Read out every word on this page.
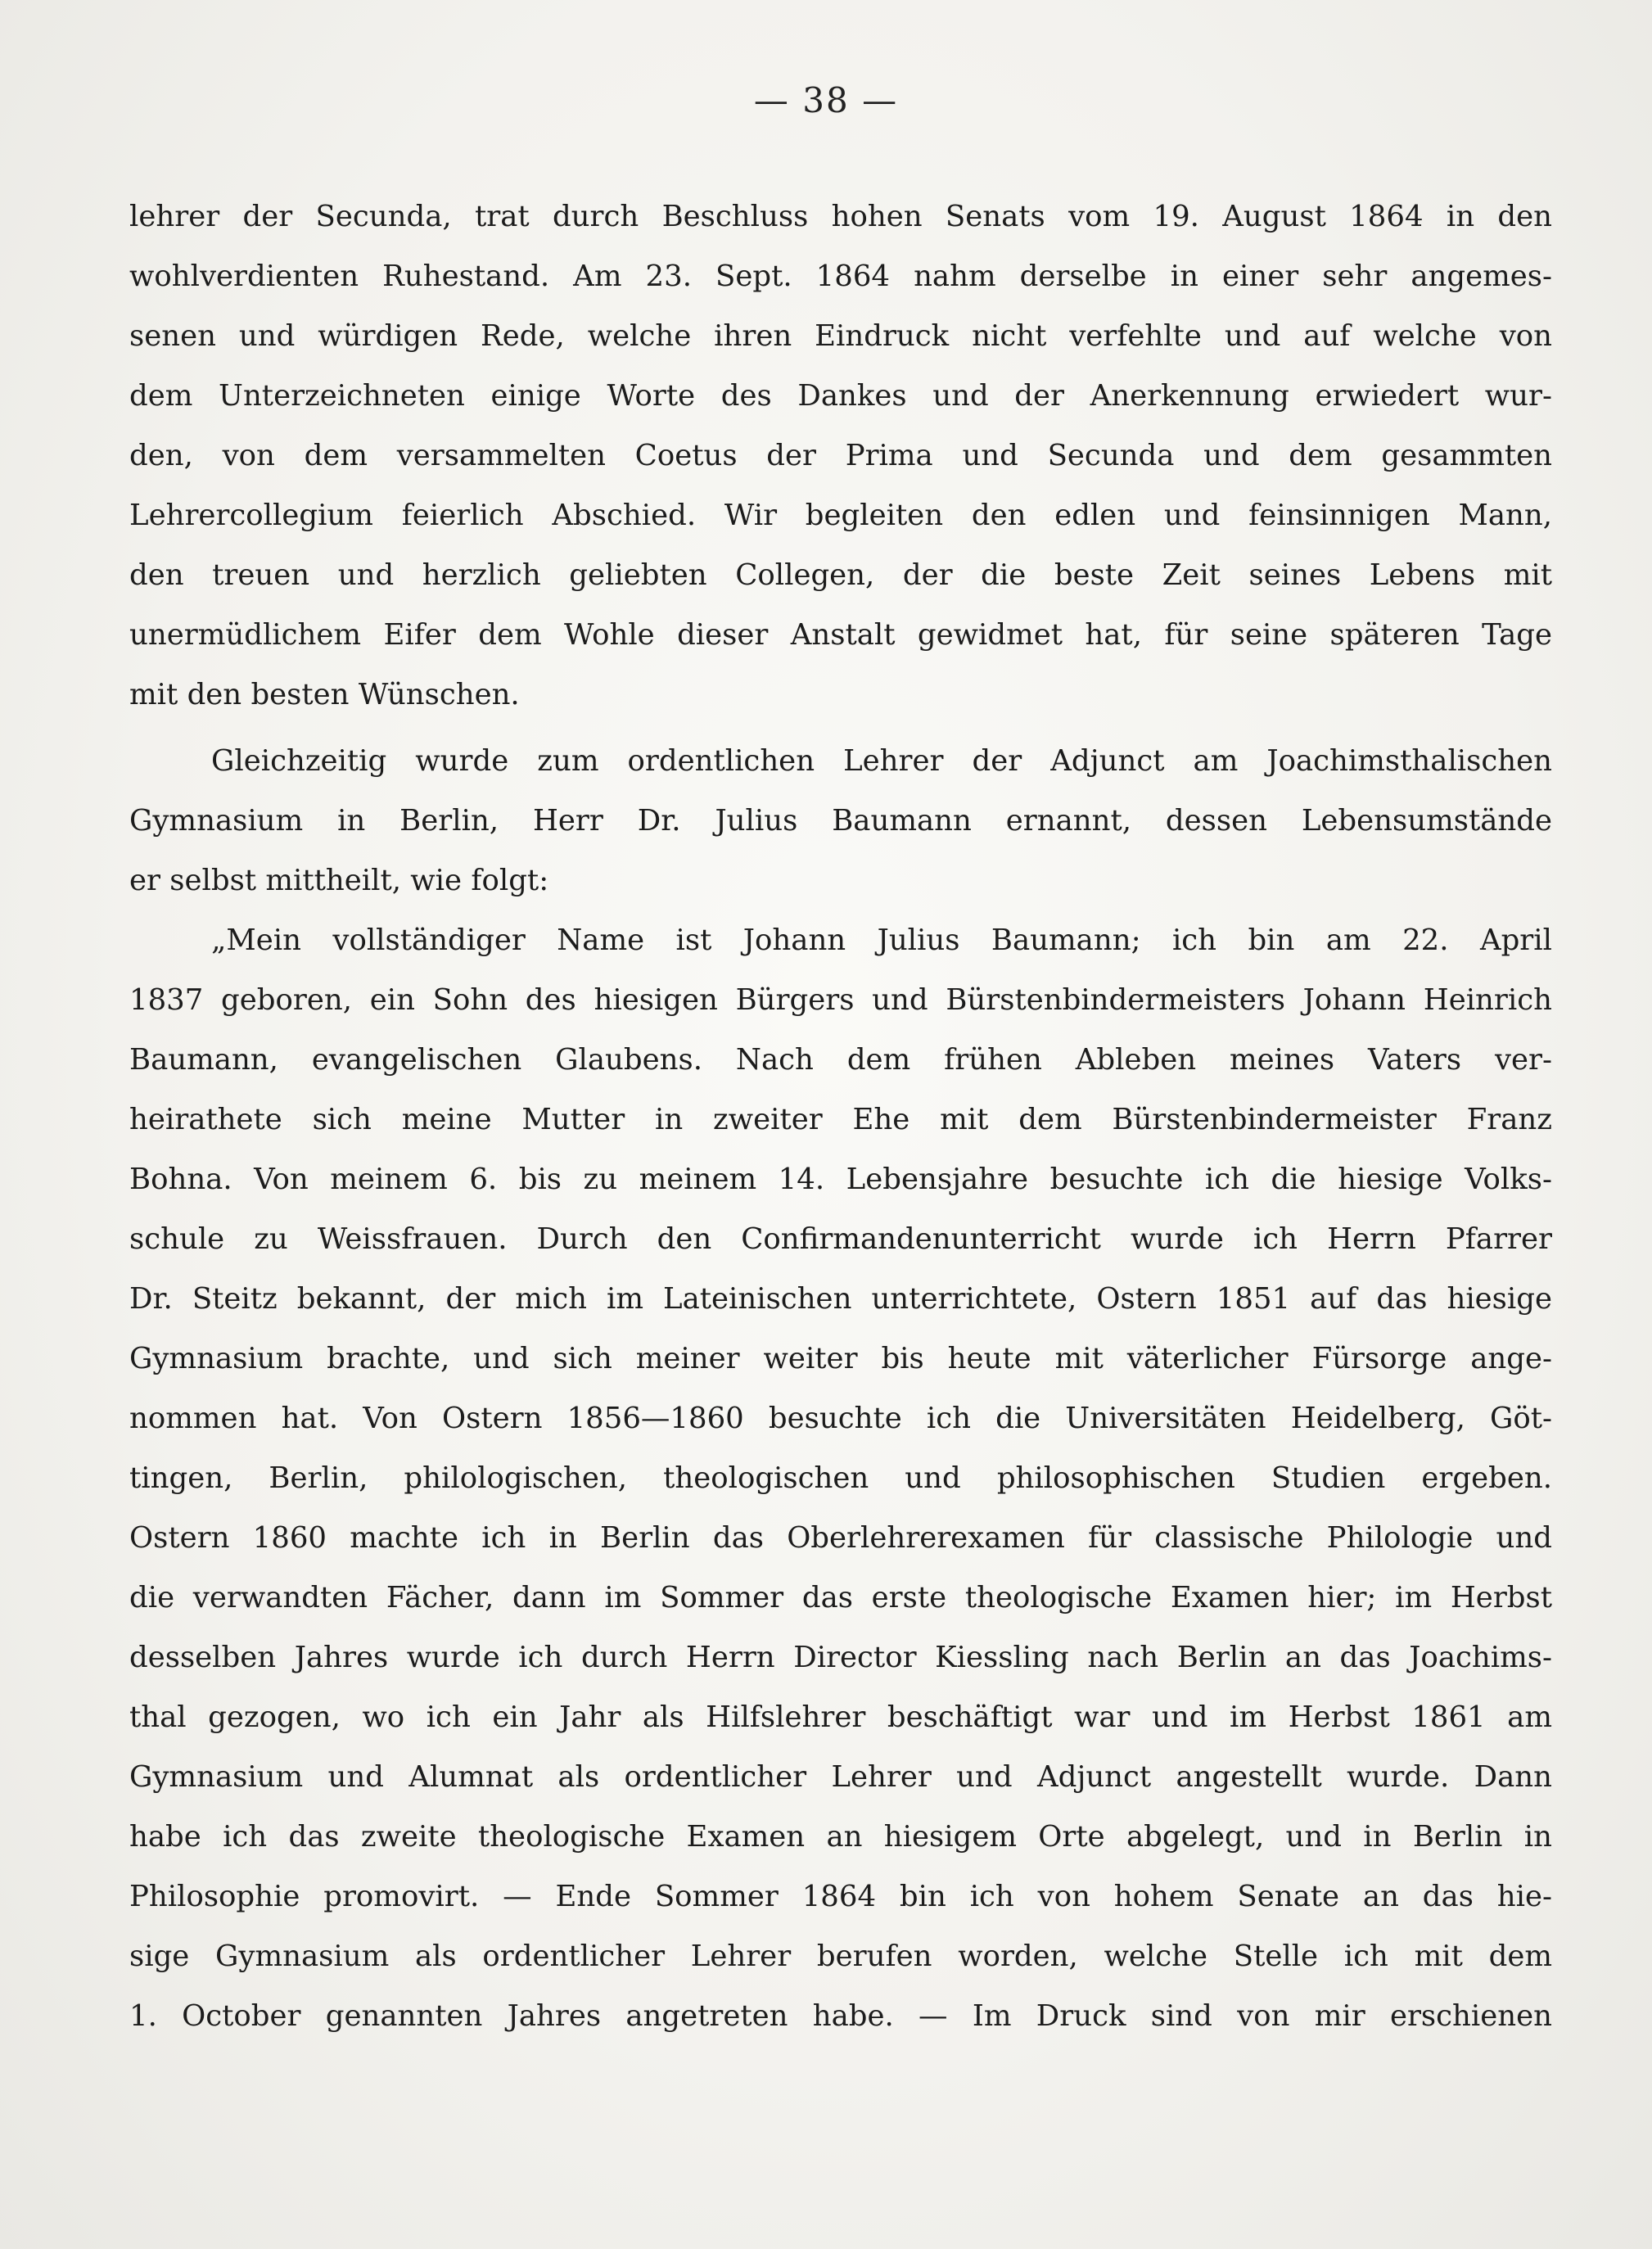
— 38 —
lehrer der Secunda, trat durch Beschluss hohen Senats vom 19. August 1864 in den
wohlverdienten Ruhestand. Am 23. Sept. 1864 nahm derselbe in einer sehr angemes-
senen und würdigen Rede, welche ihren Eindruck nicht verfehlte und auf welche von
dem Unterzeichneten einige Worte des Dankes und der Anerkennung erwiedert wur-
den, von dem versammelten Coetus der Prima und Secunda und dem gesammten
Lehrercollegium feierlich Abschied. Wir begleiten den edlen und feinsinnigen Mann,
den treuen und herzlich geliebten Collegen, der die beste Zeit seines Lebens mit
unermüdlichem Eifer dem Wohle dieser Anstalt gewidmet hat, für seine späteren Tage
mit den besten Wünschen.
Gleichzeitig wurde zum ordentlichen Lehrer der Adjunct am Joachimsthalischen
Gymnasium in Berlin, Herr Dr. Julius Baumann ernannt, dessen Lebensumstände
er selbst mittheilt, wie folgt:
„Mein vollständiger Name ist Johann Julius Baumann; ich bin am 22. April
1837 geboren, ein Sohn des hiesigen Bürgers und Bürstenbindermeisters Johann Heinrich
Baumann, evangelischen Glaubens. Nach dem frühen Ableben meines Vaters ver-
heirathete sich meine Mutter in zweiter Ehe mit dem Bürstenbindermeister Franz
Bohna. Von meinem 6. bis zu meinem 14. Lebensjahre besuchte ich die hiesige Volks-
schule zu Weissfrauen. Durch den Confirmandenunterricht wurde ich Herrn Pfarrer
Dr. Steitz bekannt, der mich im Lateinischen unterrichtete, Ostern 1851 auf das hiesige
Gymnasium brachte, und sich meiner weiter bis heute mit väterlicher Fürsorge ange-
nommen hat. Von Ostern 1856—1860 besuchte ich die Universitäten Heidelberg, Göt-
tingen, Berlin, philologischen, theologischen und philosophischen Studien ergeben.
Ostern 1860 machte ich in Berlin das Oberlehrerexamen für classische Philologie und
die verwandten Fächer, dann im Sommer das erste theologische Examen hier; im Herbst
desselben Jahres wurde ich durch Herrn Director Kiessling nach Berlin an das Joachims-
thal gezogen, wo ich ein Jahr als Hilfslehrer beschäftigt war und im Herbst 1861 am
Gymnasium und Alumnat als ordentlicher Lehrer und Adjunct angestellt wurde. Dann
habe ich das zweite theologische Examen an hiesigem Orte abgelegt, und in Berlin in
Philosophie promovirt. — Ende Sommer 1864 bin ich von hohem Senate an das hie-
sige Gymnasium als ordentlicher Lehrer berufen worden, welche Stelle ich mit dem
1. October genannten Jahres angetreten habe. — Im Druck sind von mir erschienen
